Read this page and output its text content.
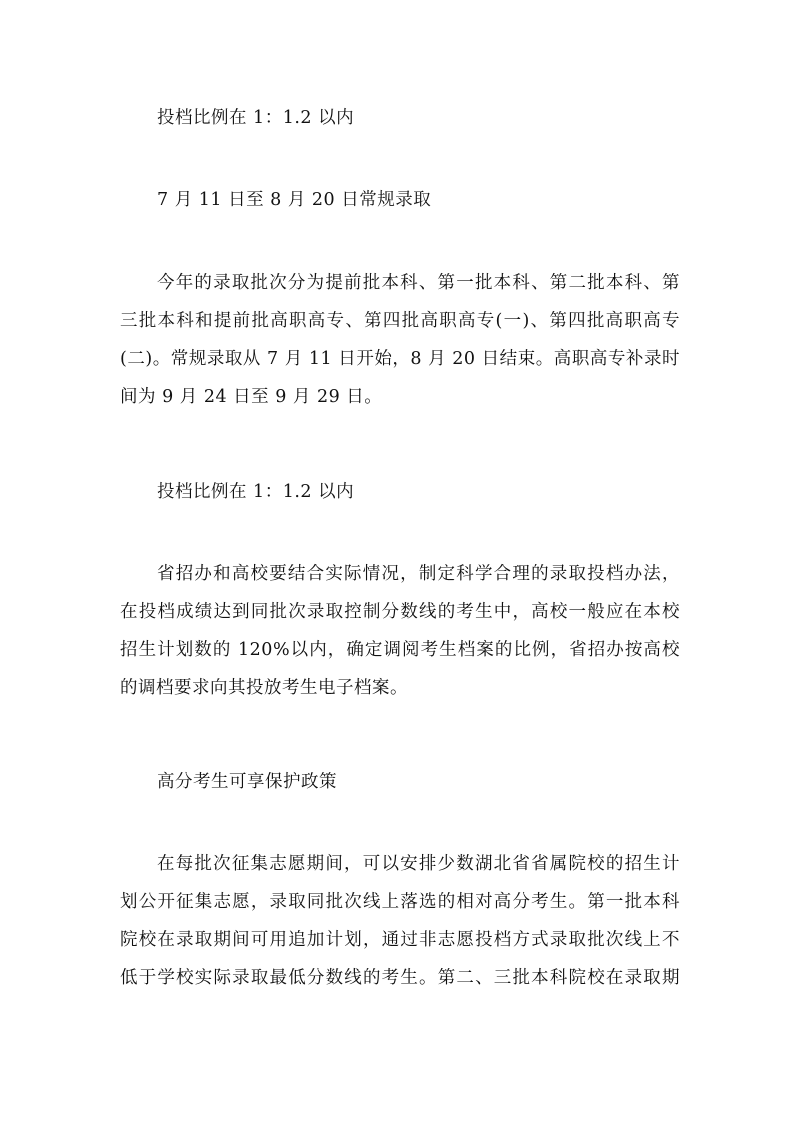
投档比例在 1：1.2 以内
7 月 11 日至 8 月 20 日常规录取
今年的录取批次分为提前批本科、第一批本科、第二批本科、第
三批本科和提前批高职高专、第四批高职高专(一)、第四批高职高专
(二)。常规录取从 7 月 11 日开始，8 月 20 日结束。高职高专补录时
间为 9 月 24 日至 9 月 29 日。
投档比例在 1：1.2 以内
省招办和高校要结合实际情况，制定科学合理的录取投档办法，
在投档成绩达到同批次录取控制分数线的考生中，高校一般应在本校
招生计划数的 120%以内，确定调阅考生档案的比例，省招办按高校
的调档要求向其投放考生电子档案。
高分考生可享保护政策
在每批次征集志愿期间，可以安排少数湖北省省属院校的招生计
划公开征集志愿，录取同批次线上落选的相对高分考生。第一批本科
院校在录取期间可用追加计划，通过非志愿投档方式录取批次线上不
低于学校实际录取最低分数线的考生。第二、三批本科院校在录取期
